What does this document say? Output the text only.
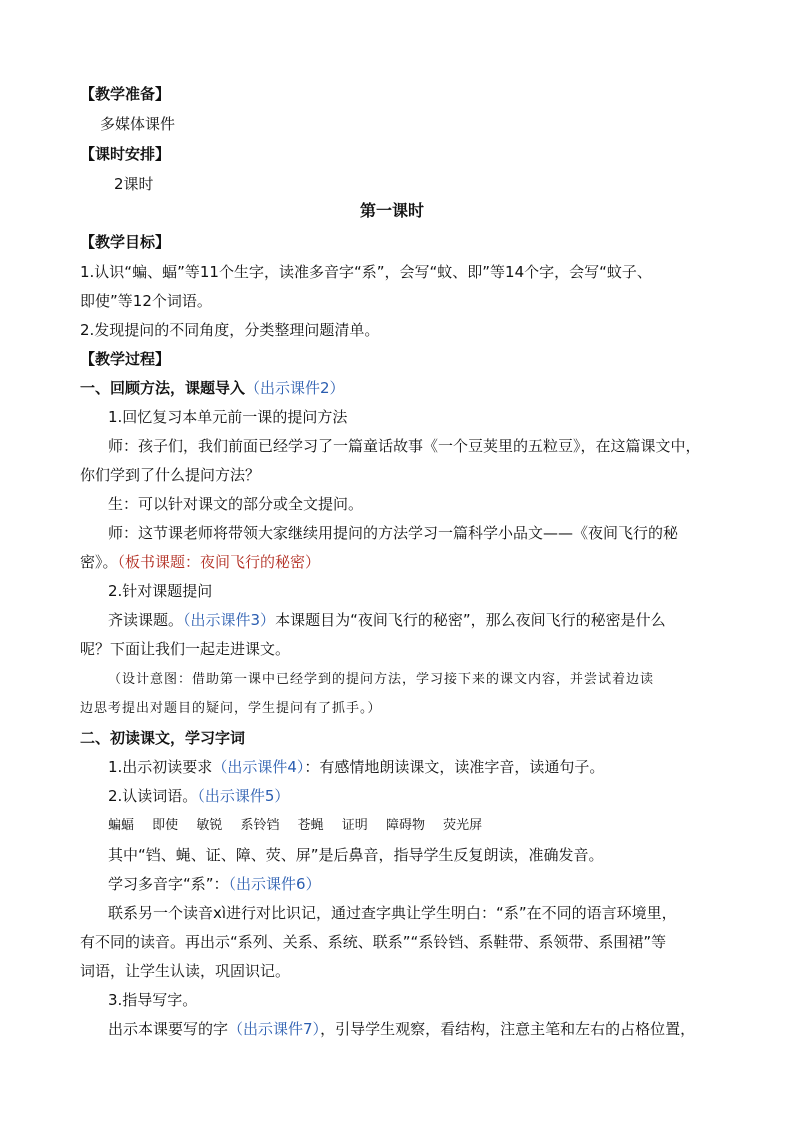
【教学准备】
多媒体课件
【课时安排】
2课时
第一课时
【教学目标】
1.认识“蝙、蝠”等11个生字，读准多音字“系”，会写“蚊、即”等14个字，会写“蚊子、
即使”等12个词语。
2.发现提问的不同角度，分类整理问题清单。
【教学过程】
一、回顾方法，课题导入（出示课件2）
1.回忆复习本单元前一课的提问方法
师：孩子们，我们前面已经学习了一篇童话故事《一个豆荚里的五粒豆》，在这篇课文中，
你们学到了什么提问方法？
生：可以针对课文的部分或全文提问。
师：这节课老师将带领大家继续用提问的方法学习一篇科学小品文——《夜间飞行的秘
密》。（板书课题：夜间飞行的秘密）
2.针对课题提问
齐读课题。（出示课件3）本课题目为“夜间飞行的秘密”，那么夜间飞行的秘密是什么
呢？下面让我们一起走进课文。
（设计意图：借助第一课中已经学到的提问方法，学习接下来的课文内容，并尝试着边读
边思考提出对题目的疑问，学生提问有了抓手。）
二、初读课文，学习字词
1.出示初读要求（出示课件4）：有感情地朗读课文，读准字音，读通句子。
2.认读词语。（出示课件5）
蝙蝠 即使 敏锐 系铃铛 苍蝇 证明 障碍物 荧光屏
其中“铛、蝇、证、障、荧、屏”是后鼻音，指导学生反复朗读，准确发音。
学习多音字“系”：（出示课件6）
联系另一个读音xì进行对比识记，通过查字典让学生明白：“系”在不同的语言环境里，
有不同的读音。再出示“系列、关系、系统、联系”“系铃铛、系鞋带、系领带、系围裙”等
词语，让学生认读，巩固识记。
3.指导写字。
出示本课要写的字（出示课件7），引导学生观察，看结构，注意主笔和左右的占格位置，
